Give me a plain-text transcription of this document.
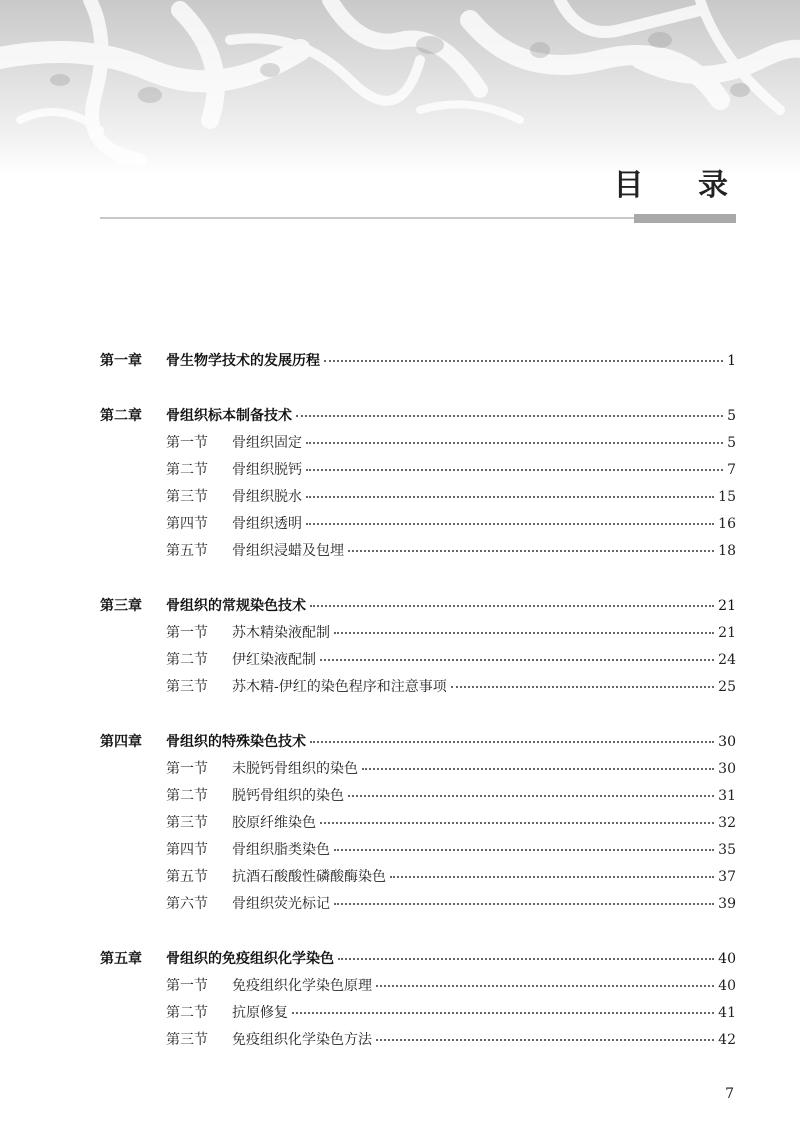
目 录
第一章	骨生物学技术的发展历程	1
第二章	骨组织标本制备技术	5
第一节	骨组织固定	5
第二节	骨组织脱钙	7
第三节	骨组织脱水	15
第四节	骨组织透明	16
第五节	骨组织浸蜡及包埋	18
第三章	骨组织的常规染色技术	21
第一节	苏木精染液配制	21
第二节	伊红染液配制	24
第三节	苏木精-伊红的染色程序和注意事项	25
第四章	骨组织的特殊染色技术	30
第一节	未脱钙骨组织的染色	30
第二节	脱钙骨组织的染色	31
第三节	胶原纤维染色	32
第四节	骨组织脂类染色	35
第五节	抗酒石酸酸性磷酸酶染色	37
第六节	骨组织荧光标记	39
第五章	骨组织的免疫组织化学染色	40
第一节	免疫组织化学染色原理	40
第二节	抗原修复	41
第三节	免疫组织化学染色方法	42
7
